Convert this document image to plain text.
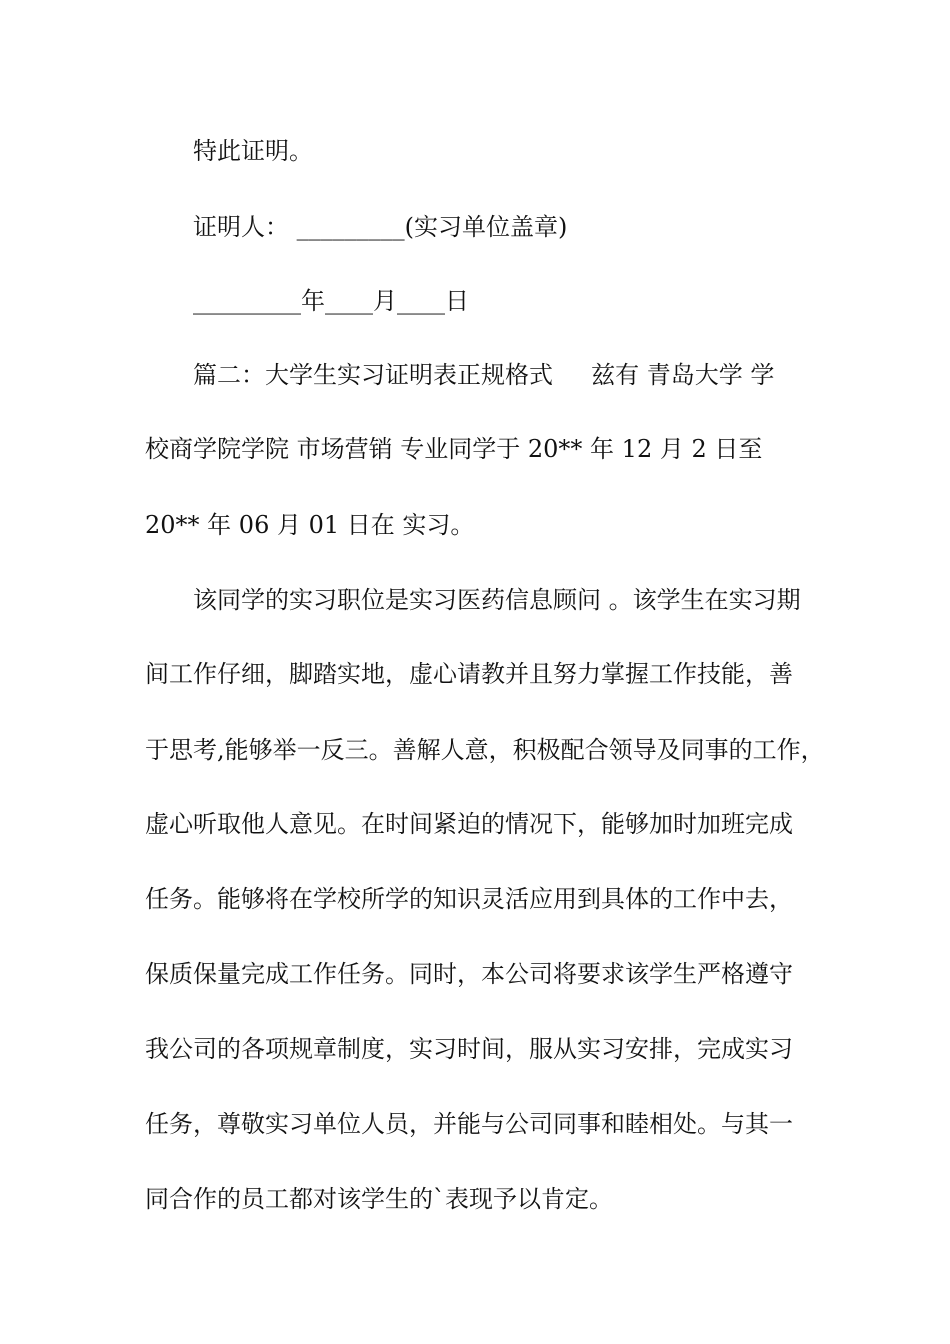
特此证明。
证明人： _________(实习单位盖章)
_________年____月____日
篇二：大学生实习证明表正规格式     兹有 青岛大学 学
校商学院学院 市场营销 专业同学于 20** 年 12 月 2 日至
20** 年 06 月 01 日在 实习。
该同学的实习职位是实习医药信息顾问 。该学生在实习期
间工作仔细，脚踏实地，虚心请教并且努力掌握工作技能，善
于思考,能够举一反三。善解人意，积极配合领导及同事的工作，
虚心听取他人意见。在时间紧迫的情况下，能够加时加班完成
任务。能够将在学校所学的知识灵活应用到具体的工作中去，
保质保量完成工作任务。同时，本公司将要求该学生严格遵守
我公司的各项规章制度，实习时间，服从实习安排，完成实习
任务，尊敬实习单位人员，并能与公司同事和睦相处。与其一
同合作的员工都对该学生的`表现予以肯定。
